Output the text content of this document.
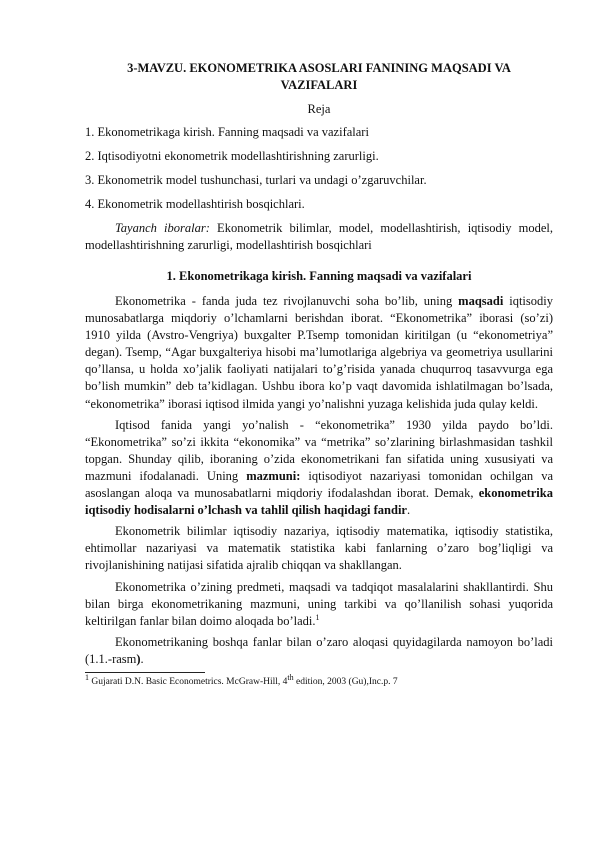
3-MAVZU. EKONOMETRIKA ASOSLARI FANINING MAQSADI VA VAZIFALARI
Reja
1. Ekonometrikaga kirish. Fanning maqsadi va vazifalari
2. Iqtisodiyotni ekonometrik modellashtirishning zarurligi.
3. Ekonometrik model tushunchasi, turlari va undagi o’zgaruvchilar.
4. Ekonometrik modellashtirish bosqichlari.

Tayanch iboralar: Ekonometrik bilimlar, model, modellashtirish, iqtisodiy model, modellashtirishning zarurligi, modellashtirish bosqichlari

1. Ekonometrikaga kirish. Fanning maqsadi va vazifalari

Ekonometrika - fanda juda tez rivojlanuvchi soha bo’lib, uning maqsadi iqtisodiy munosabatlarga miqdoriy o’lchamlarni berishdan iborat. “Ekonometrika” iborasi (so’zi) 1910 yilda (Avstro-Vengriya) buxgalter P.Tsemp tomonidan kiritilgan (u “ekonometriya” degan). Tsemp, “Agar buxgalteriya hisobi ma’lumotlariga algebriya va geometriya usullarini qo’llansa, u holda xo’jalik faoliyati natijalari to’g’risida yanada chuqurroq tasavvurga ega bo’lish mumkin” deb ta’kidlagan. Ushbu ibora ko’p vaqt davomida ishlatilmagan bo’lsada, “ekonometrika” iborasi iqtisod ilmida yangi yo’nalishni yuzaga kelishida juda qulay keldi.

Iqtisod fanida yangi yo’nalish - “ekonometrika” 1930 yilda paydo bo’ldi. “Ekonometrika” so’zi ikkita “ekonomika” va “metrika” so’zlarining birlashmasidan tashkil topgan. Shunday qilib, iboraning o’zida ekonometrikani fan sifatida uning xususiyati va mazmuni ifodalanadi. Uning mazmuni: iqtisodiyot nazariyasi tomonidan ochilgan va asoslangan aloqa va munosabatlarni miqdoriy ifodalashdan iborat. Demak, ekonometrika iqtisodiy hodisalarni o’lchash va tahlil qilish haqidagi fandir.

Ekonometrik bilimlar iqtisodiy nazariya, iqtisodiy matematika, iqtisodiy statistika, ehtimollar nazariyasi va matematik statistika kabi fanlarning o’zaro bog’liqligi va rivojlanishining natijasi sifatida ajralib chiqqan va shakllangan.

Ekonometrika o’zining predmeti, maqsadi va tadqiqot masalalarini shakllantirdi. Shu bilan birga ekonometrikaning mazmuni, uning tarkibi va qo’llanilish sohasi yuqorida keltirilgan fanlar bilan doimo aloqada bo’ladi.$^1$

Ekonometrikaning boshqa fanlar bilan o’zaro aloqasi quyidagilarda namoyon bo’ladi (1.1.-rasm).

$^1$ Gujarati D.N. Basic Econometrics. McGraw-Hill, 4th edition, 2003 (Gu),Inc.p. 7
